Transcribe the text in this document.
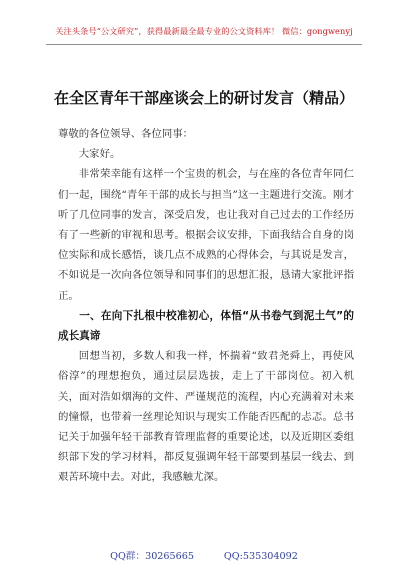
关注头条号“公文研究”，获得最新最全最专业的公文资料库！ 微信：gongwenyj
在全区青年干部座谈会上的研讨发言（精品）

尊敬的各位领导、各位同事：

大家好。

非常荣幸能有这样一个宝贵的机会，与在座的各位青年同仁们一起，围绕“青年干部的成长与担当”这一主题进行交流。刚才听了几位同事的发言，深受启发，也让我对自己过去的工作经历有了一些新的审视和思考。根据会议安排，下面我结合自身的岗位实际和成长感悟，谈几点不成熟的心得体会，与其说是发言，不如说是一次向各位领导和同事们的思想汇报，恳请大家批评指正。

一、在向下扎根中校准初心，体悟“从书卷气到泥土气”的成长真谛

回想当初，多数人和我一样，怀揣着“致君尧舜上，再使风俗淳”的理想抱负，通过层层选拔，走上了干部岗位。初入机关，面对浩如烟海的文件、严谨规范的流程，内心充满着对未来的憧憬，也带着一丝理论知识与现实工作能否匹配的忐忑。总书记关于加强年轻干部教育管理监督的重要论述，以及近期区委组织部下发的学习材料，都反复强调年轻干部要到基层一线去、到艰苦环境中去。对此，我感触尤深。

QQ群：30265665	QQ:535304092
